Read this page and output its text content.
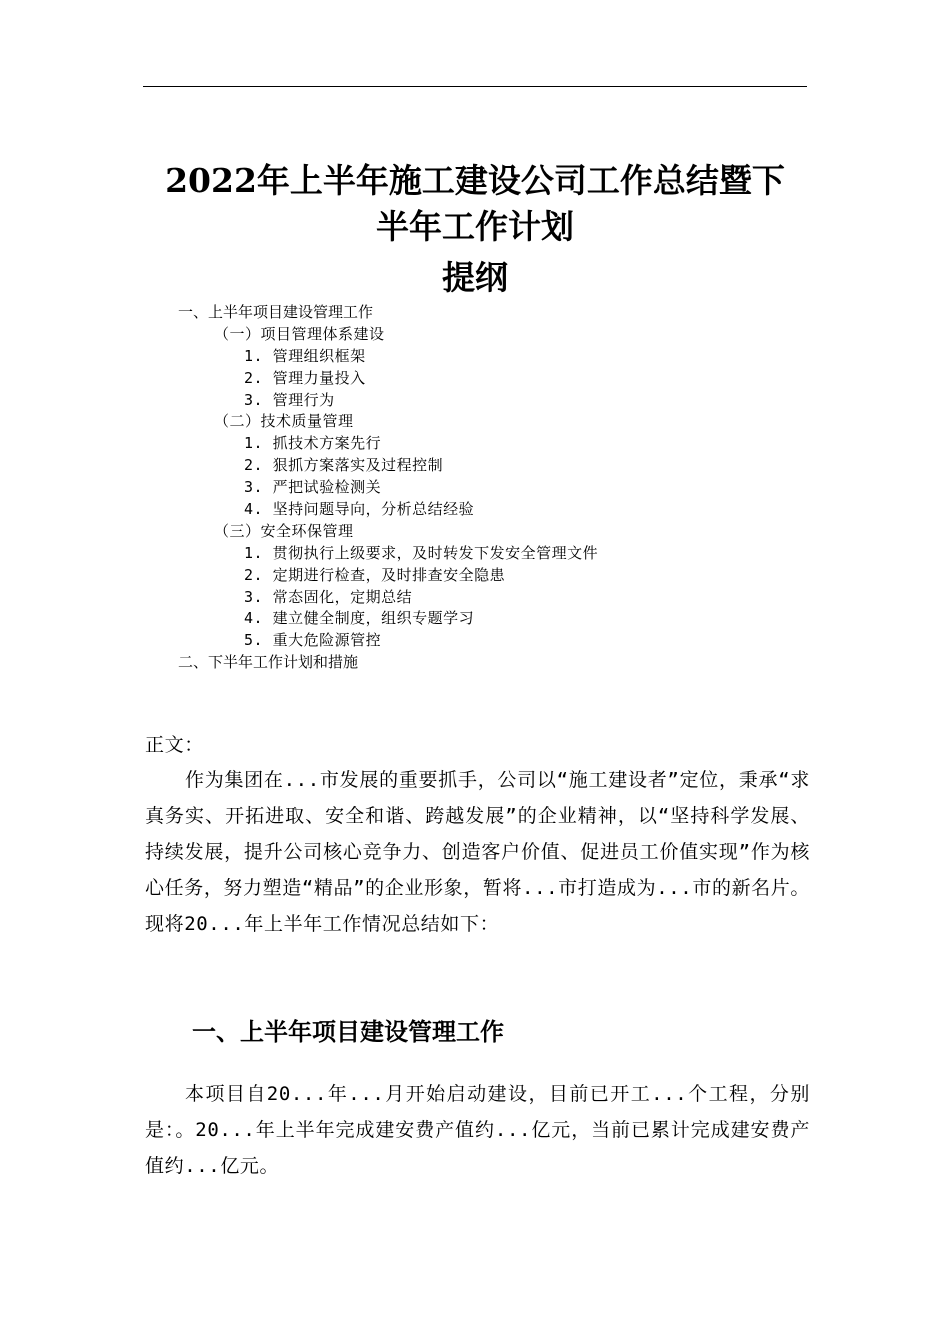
2022年上半年施工建设公司工作总结暨下
半年工作计划
提纲
一、上半年项目建设管理工作
（一）项目管理体系建设
1. 管理组织框架
2. 管理力量投入
3. 管理行为
（二）技术质量管理
1. 抓技术方案先行
2. 狠抓方案落实及过程控制
3. 严把试验检测关
4. 坚持问题导向，分析总结经验
（三）安全环保管理
1. 贯彻执行上级要求，及时转发下发安全管理文件
2. 定期进行检查，及时排查安全隐患
3. 常态固化，定期总结
4. 建立健全制度，组织专题学习
5. 重大危险源管控
二、下半年工作计划和措施
正文：
作为集团在...市发展的重要抓手，公司以“施工建设者”定位，秉承“求真务实、开拓进取、安全和谐、跨越发展”的企业精神，以“坚持科学发展、持续发展，提升公司核心竞争力、创造客户价值、促进员工价值实现”作为核心任务，努力塑造“精品”的企业形象，暂将...市打造成为...市的新名片。现将20...年上半年工作情况总结如下：
一、上半年项目建设管理工作
本项目自20...年...月开始启动建设，目前已开工...个工程，分别是：。20...年上半年完成建安费产值约...亿元，当前已累计完成建安费产值约...亿元。
